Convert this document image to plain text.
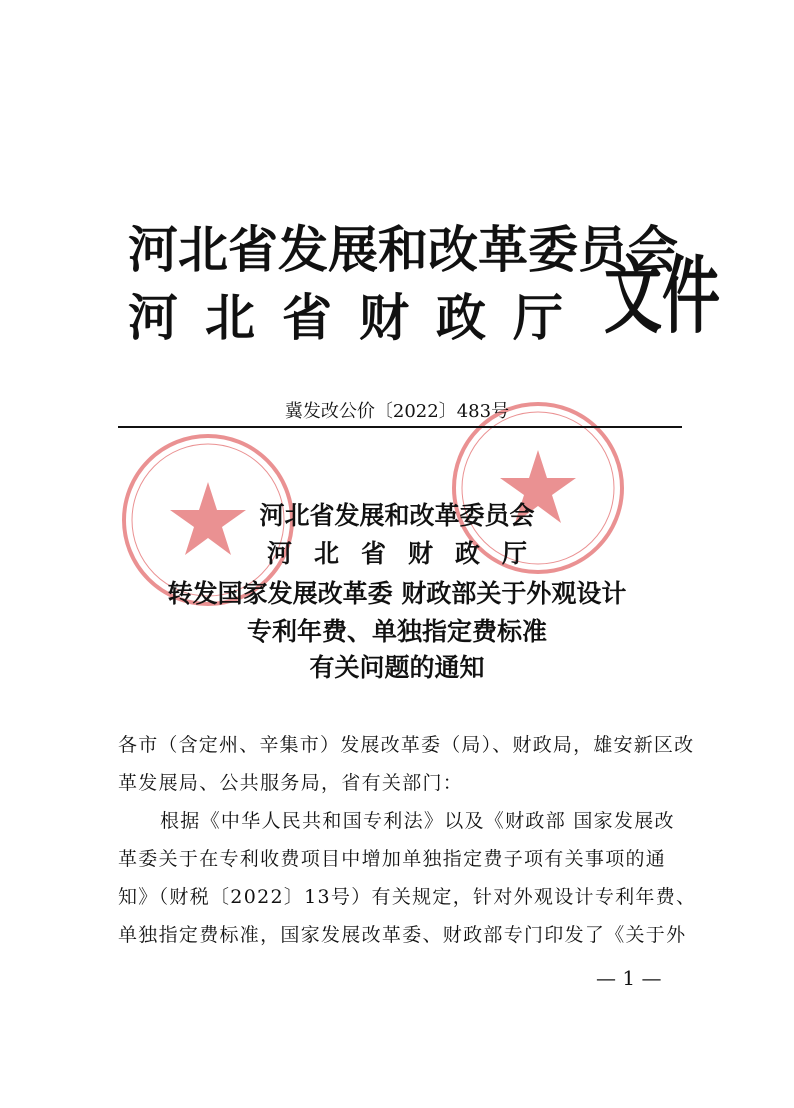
河北省发展和改革委员会
河北省财政厅 文件
冀发改公价〔2022〕483号
河北省发展和改革委员会
河北省财政厅
转发国家发展改革委 财政部关于外观设计
专利年费、单独指定费标准
有关问题的通知
各市（含定州、辛集市）发展改革委（局）、财政局，雄安新区改
革发展局、公共服务局，省有关部门：
根据《中华人民共和国专利法》以及《财政部 国家发展改
革委关于在专利收费项目中增加单独指定费子项有关事项的通
知》（财税〔2022〕13号）有关规定，针对外观设计专利年费、
单独指定费标准，国家发展改革委、财政部专门印发了《关于外
— 1 —
